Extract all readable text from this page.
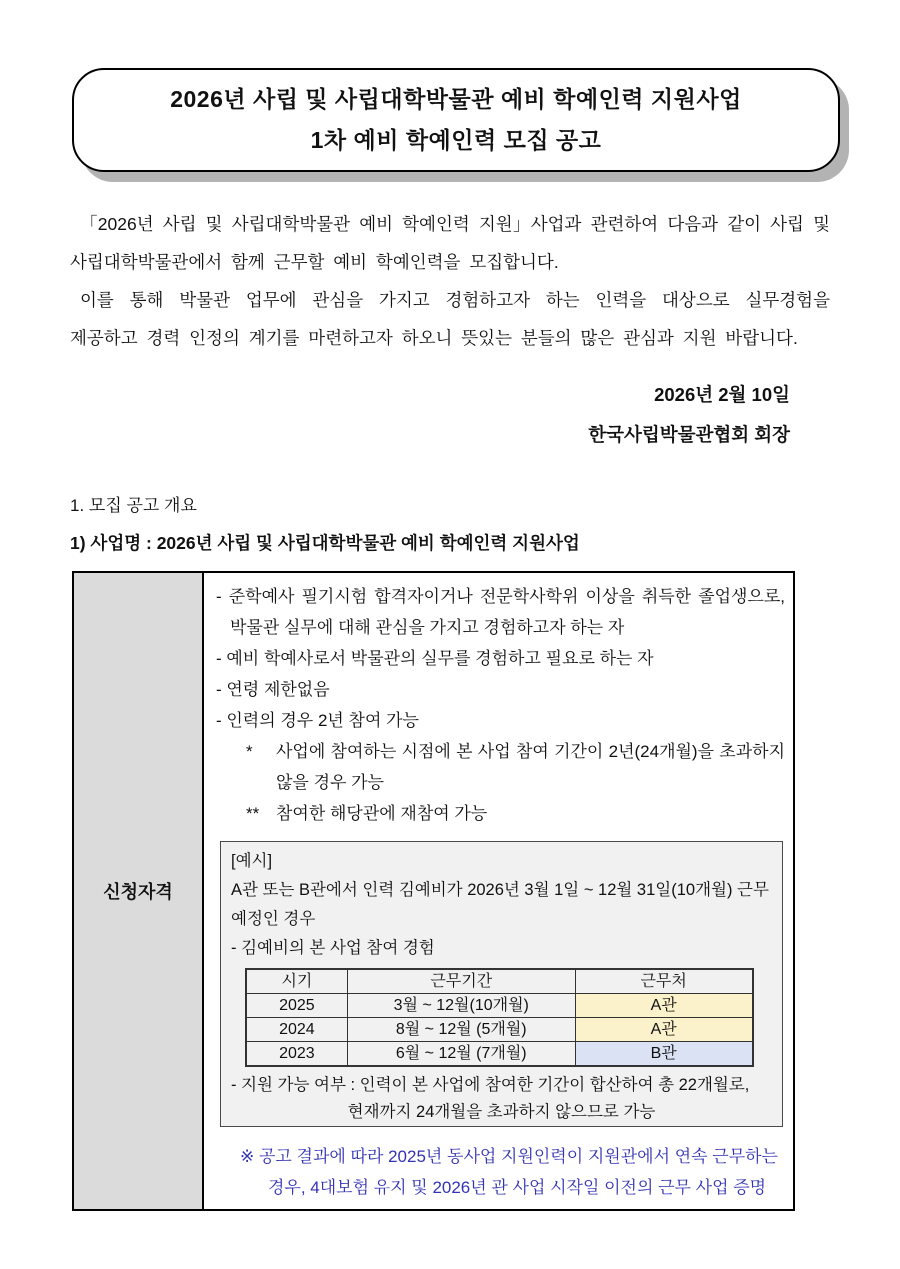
2026년 사립 및 사립대학박물관 예비 학예인력 지원사업
1차 예비 학예인력 모집 공고

「2026년 사립 및 사립대학박물관 예비 학예인력 지원」사업과 관련하여 다음과 같이 사립 및 사립대학박물관에서 함께 근무할 예비 학예인력을 모집합니다.

이를 통해 박물관 업무에 관심을 가지고 경험하고자 하는 인력을 대상으로 실무경험을 제공하고 경력 인정의 계기를 마련하고자 하오니 뜻있는 분들의 많은 관심과 지원 바랍니다.

2026년 2월 10일
한국사립박물관협회 회장
1. 모집 공고 개요
1) 사업명 : 2026년 사립 및 사립대학박물관 예비 학예인력 지원사업
신청자격	
- 준학예사 필기시험 합격자이거나 전문학사학위 이상을 취득한 졸업생으로, 박물관 실무에 대해 관심을 가지고 경험하고자 하는 자
- 예비 학예사로서 박물관의 실무를 경험하고 필요로 하는 자
- 연령 제한없음
- 인력의 경우 2년 참여 가능
*	사업에 참여하는 시점에 본 사업 참여 기간이 2년(24개월)을 초과하지 않을 경우 가능
** 참여한 해당관에 재참여 가능
[예시]
A관 또는 B관에서 인력 김예비가 2026년 3월 1일 ~ 12월 31일(10개월) 근무 예정인 경우
- 김예비의 본 사업 참여 경험
시기	근무기간	근무처
2025	3월 ~ 12월(10개월)	A관
2024	8월 ~ 12월 (5개월)	A관
2023	6월 ~ 12월 (7개월)	B관
- 지원 가능 여부 : 인력이 본 사업에 참여한 기간이 합산하여 총 22개월로,
현재까지 24개월을 초과하지 않으므로 가능
※ 공고 결과에 따라 2025년 동사업 지원인력이 지원관에서 연속 근무하는
경우, 4대보험 유지 및 2026년 관 사업 시작일 이전의 근무 사업 증명
